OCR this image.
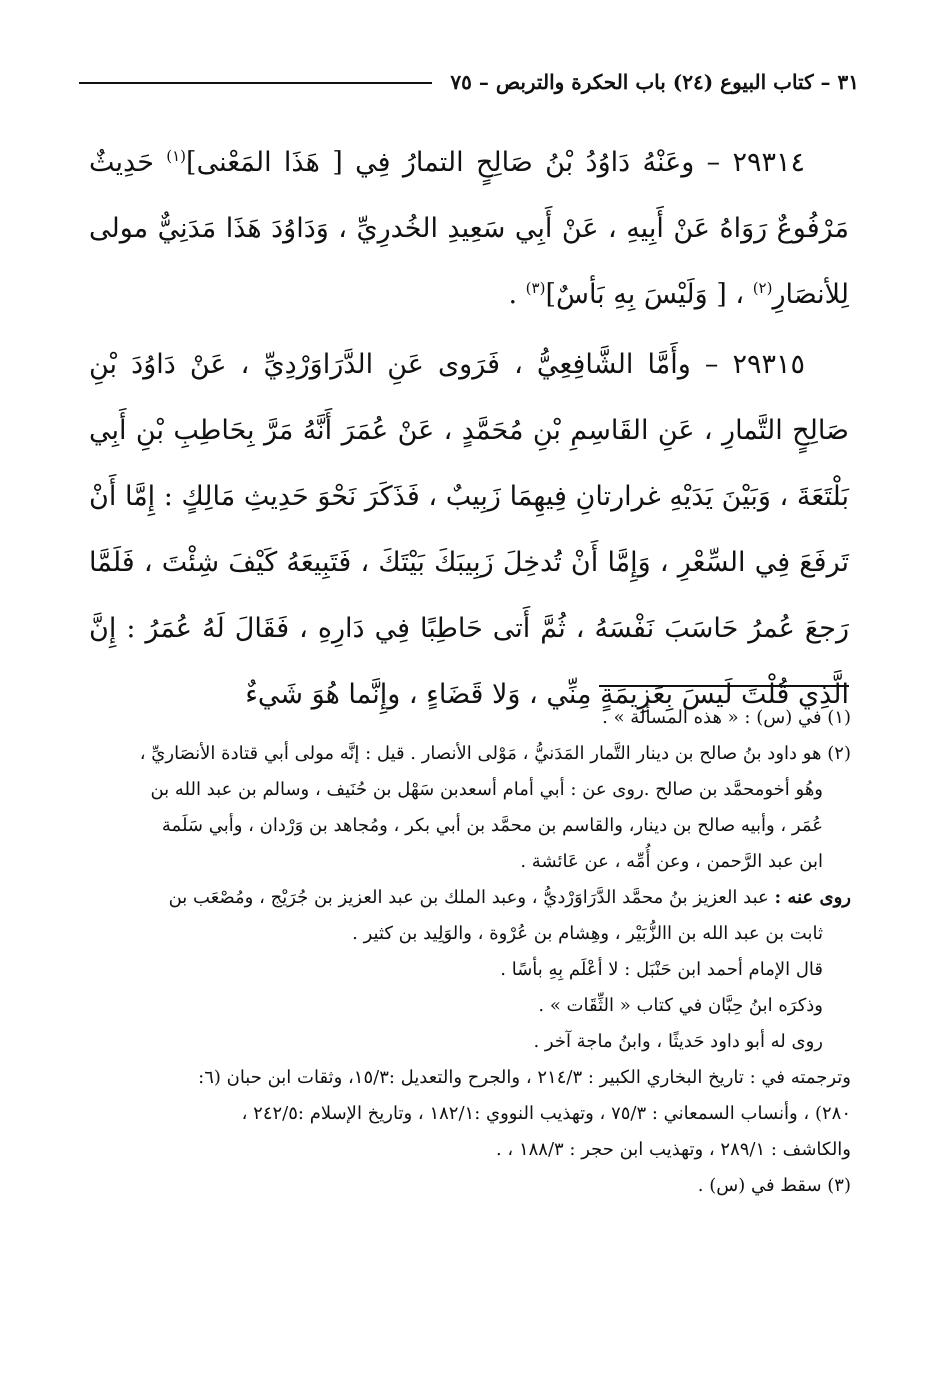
٣١ – كتاب البيوع (٢٤) باب الحكرة والتربص – ٧٥

٢٩٣١٤ – وعَنْهُ دَاوُدُ بْنُ صَالِحٍ التمارُ فِي [ هَذَا المَعْنى]$^{(١)}$ حَدِيثٌ مَرْفُوعٌ رَوَاهُ عَنْ أَبِيهِ ، عَنْ أَبِي سَعِيدِ الخُدرِيِّ ، وَدَاوُدَ هَذَا مَدَنِيٌّ مولى لِلأنصَارِ$^{(٢)}$ ، [ وَلَيْسَ بِهِ بَأسٌ]$^{(٣)}$ .

٢٩٣١٥ – وأَمَّا الشَّافِعِيُّ ، فَرَوى عَنِ الدَّرَاوَرْدِيِّ ، عَنْ دَاوُدَ بْنِ صَالِحٍ التَّمارِ ، عَنِ القَاسِمِ بْنِ مُحَمَّدٍ ، عَنْ عُمَرَ أَنَّهُ مَرَّ بِحَاطِبِ بْنِ أَبِي بَلْتَعَةَ ، وَبَيْنَ يَدَيْهِ غرارتانِ فِيهِمَا زَبِيبٌ ، فَذَكَرَ نَحْوَ حَدِيثِ مَالِكٍ : إِمَّا أَنْ تَرفَعَ فِي السِّعْرِ ، وَإِمَّا أَنْ تُدخِلَ زَبِيبَكَ بَيْتَكَ ، فَتَبِيعَهُ كَيْفَ شِئْتَ ، فَلَمَّا رَجعَ عُمرُ حَاسَبَ نَفْسَهُ ، ثُمَّ أَتى حَاطِبًا فِي دَارِهِ ، فَقَالَ لَهُ عُمَرُ : إِنَّ الَّذِي قُلْتَ لَيسَ بِعَزِيمَةٍ مِنِّي ، وَلا قَضَاءٍ ، وإِنَّما هُوَ شَيءٌ

(١) في (س) : « هذه المسألة » .

(٢) هو داود بنُ صالح بن دينار التَّمار المَدَنيُّ ، مَوْلى الأنصار . قيل : إنَّه مولى أبي قتادة الأنصَاريِّ ،

وهُو أخومحمَّد بن صالح .روى عن : أبي أمام أسعدبن سَهْل بن حُنَيف ، وسالم بن عبد الله بن

عُمَر ، وأبيه صالح بن دينار، والقاسم بن محمَّد بن أبي بكر ، ومُجاهد بن وَرْدان ، وأبي سَلَمة

ابن عبد الرَّحمن ، وعن أُمِّه ، عن عَائشة .

روى عنه : عبد العزيز بنُ محمَّد الدَّرَاوَرْديُّ ، وعبد الملك بن عبد العزيز بن جُرَيْج ، ومُصْعَب بن

ثابت بن عبد الله بن االزُّبَيْر ، وهِشام بن عُرْوة ، والوَلِيد بن كثير .

قال الإمام أحمد ابن حَنْبَل : لا أعْلَم بِهِ بأسًا .

وذكرَه ابنُ حِبَّان في كتاب « الثِّقَات » .

روى له أبو داود حَديثًا ، وابنُ ماجة آخر .

وترجمته في : تاريخ البخاري الكبير : ٢١٤/٣ ، والجرح والتعديل :١٥/٣، وثقات ابن حبان (٦:

٢٨٠) ، وأنساب السمعاني : ٧٥/٣ ، وتهذيب النووي :١٨٢/١ ، وتاريخ الإسلام :٢٤٢/٥ ،

والكاشف : ٢٨٩/١ ، وتهذيب ابن حجر : ١٨٨/٣ ، .

(٣) سقط في (س) .
